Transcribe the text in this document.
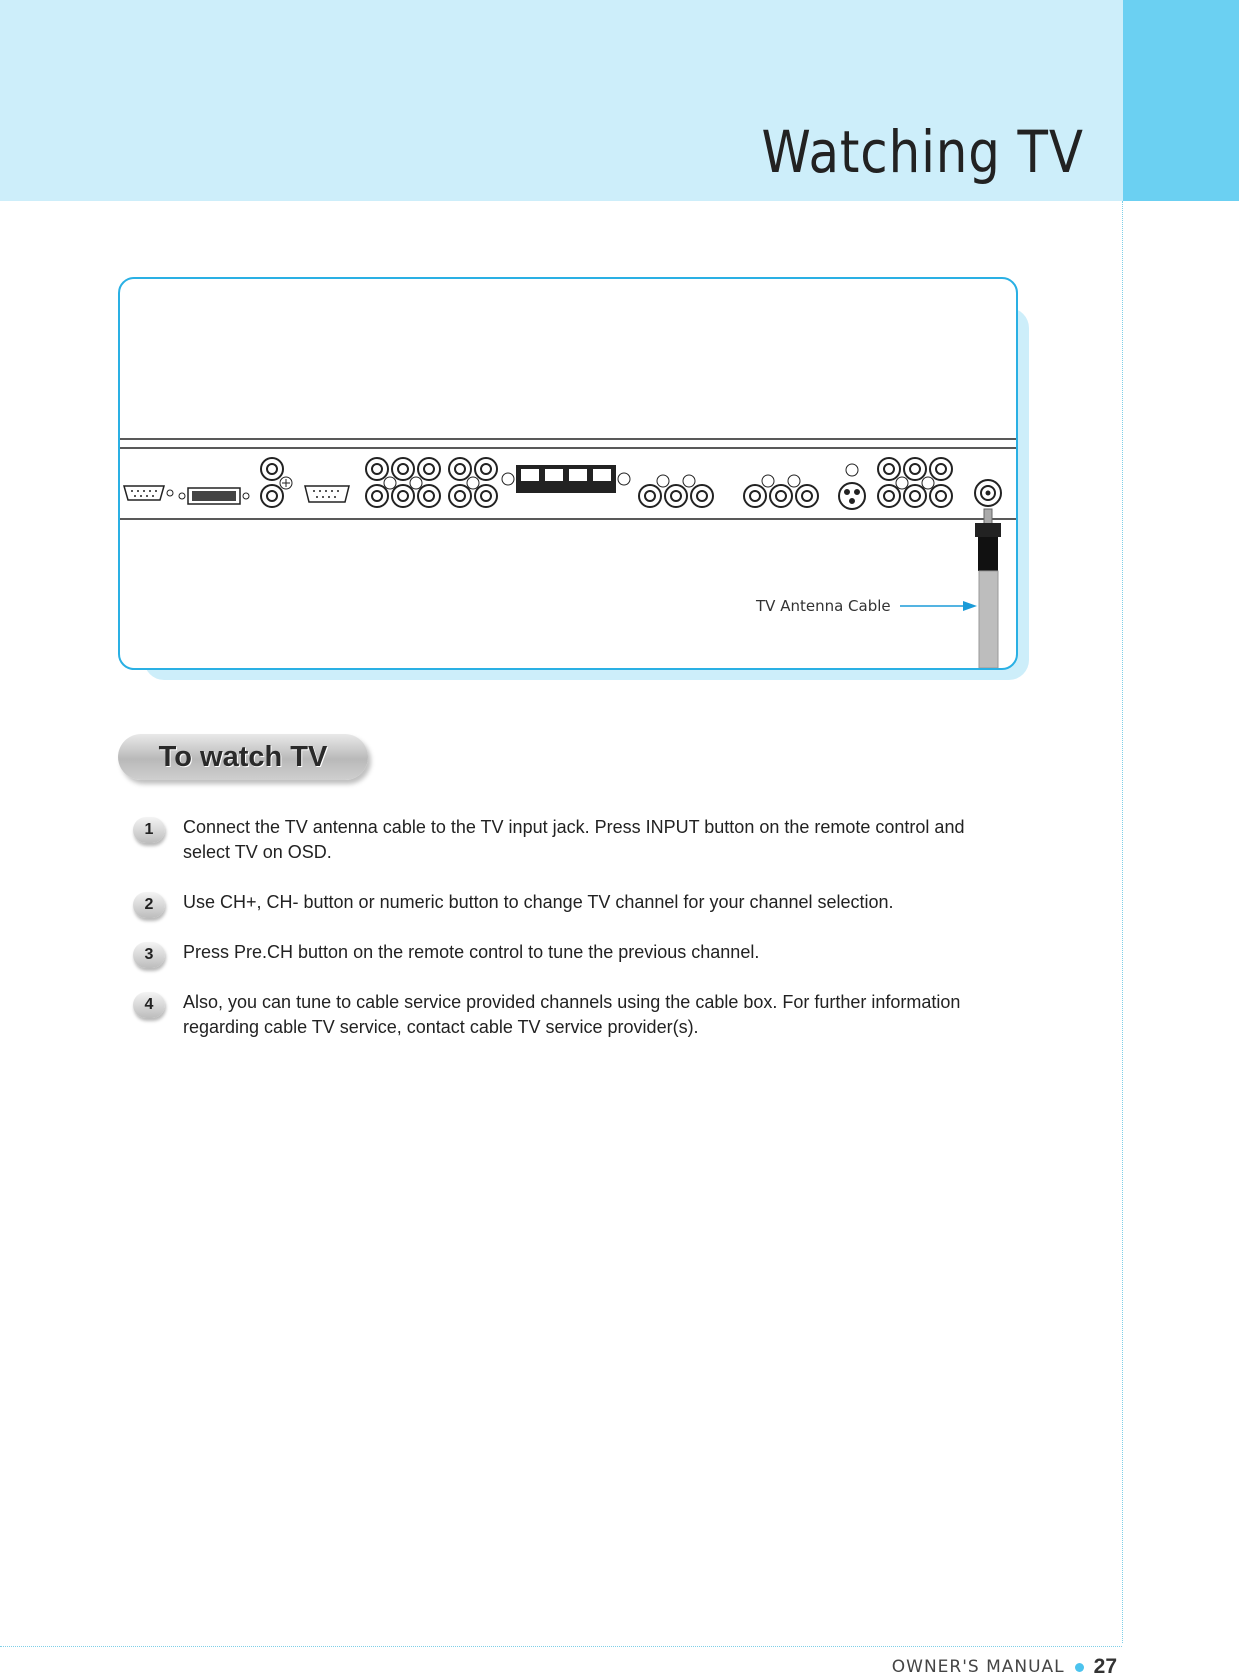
Watching TV
TV Antenna Cable
To watch TV
1	Connect the TV antenna cable to the TV input jack. Press INPUT button on the remote control and select TV on OSD.
2	Use CH+, CH- button or numeric button to change TV channel for your channel selection.
3	Press Pre.CH button on the remote control to tune the previous channel.
4	Also, you can tune to cable service provided channels using the cable box. For further information regarding cable TV service, contact cable TV service provider(s).
OWNER'S MANUAL 27
